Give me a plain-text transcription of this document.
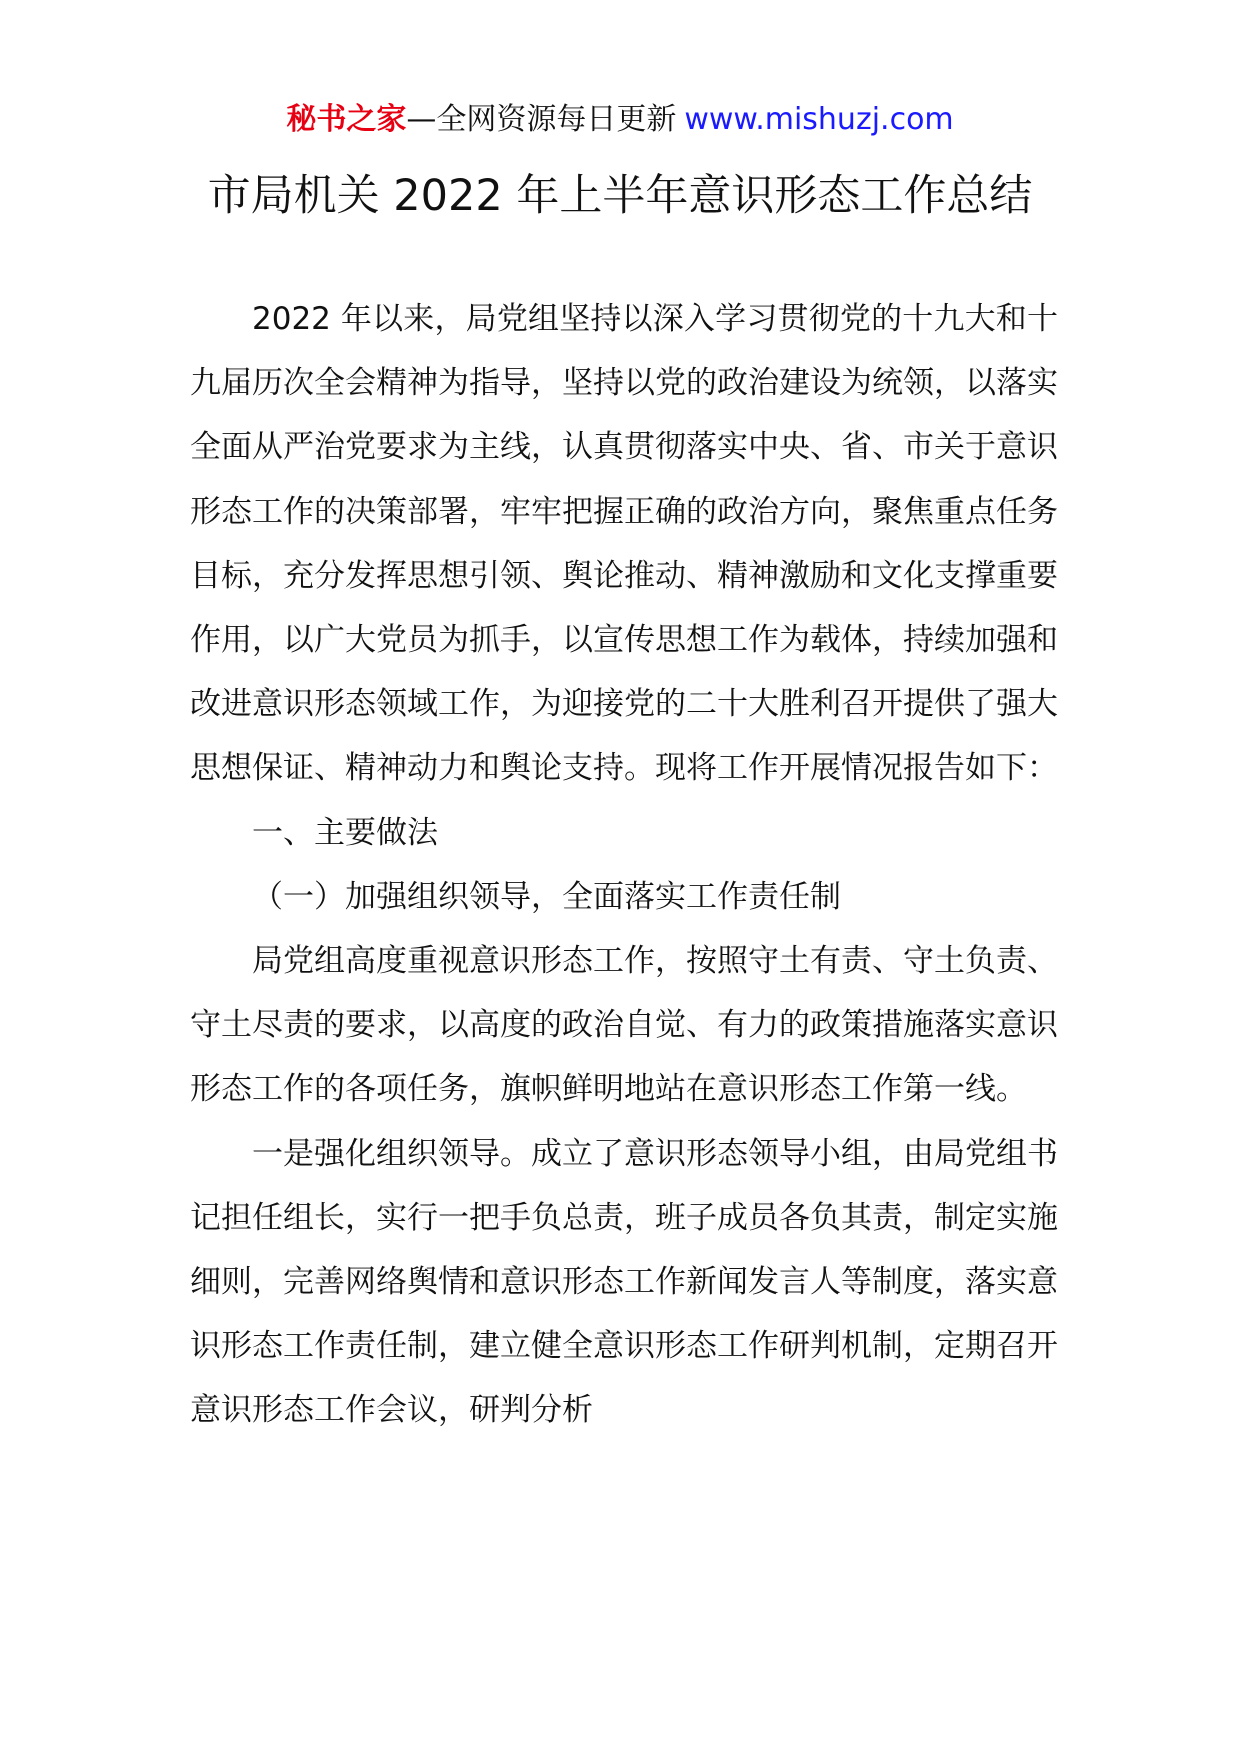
秘书之家—全网资源每日更新 www.mishuzj.com
市局机关 2022 年上半年意识形态工作总结

2022 年以来，局党组坚持以深入学习贯彻党的十九大和十九届历次全会精神为指导，坚持以党的政治建设为统领，以落实全面从严治党要求为主线，认真贯彻落实中央、省、市关于意识形态工作的决策部署，牢牢把握正确的政治方向，聚焦重点任务目标，充分发挥思想引领、舆论推动、精神激励和文化支撑重要作用，以广大党员为抓手，以宣传思想工作为载体，持续加强和改进意识形态领域工作，为迎接党的二十大胜利召开提供了强大思想保证、精神动力和舆论支持。现将工作开展情况报告如下：

一、主要做法

（一）加强组织领导，全面落实工作责任制

局党组高度重视意识形态工作，按照守土有责、守土负责、守土尽责的要求，以高度的政治自觉、有力的政策措施落实意识形态工作的各项任务，旗帜鲜明地站在意识形态工作第一线。

一是强化组织领导。成立了意识形态领导小组，由局党组书记担任组长，实行一把手负总责，班子成员各负其责，制定实施细则，完善网络舆情和意识形态工作新闻发言人等制度，落实意识形态工作责任制，建立健全意识形态工作研判机制，定期召开意识形态工作会议，研判分析
